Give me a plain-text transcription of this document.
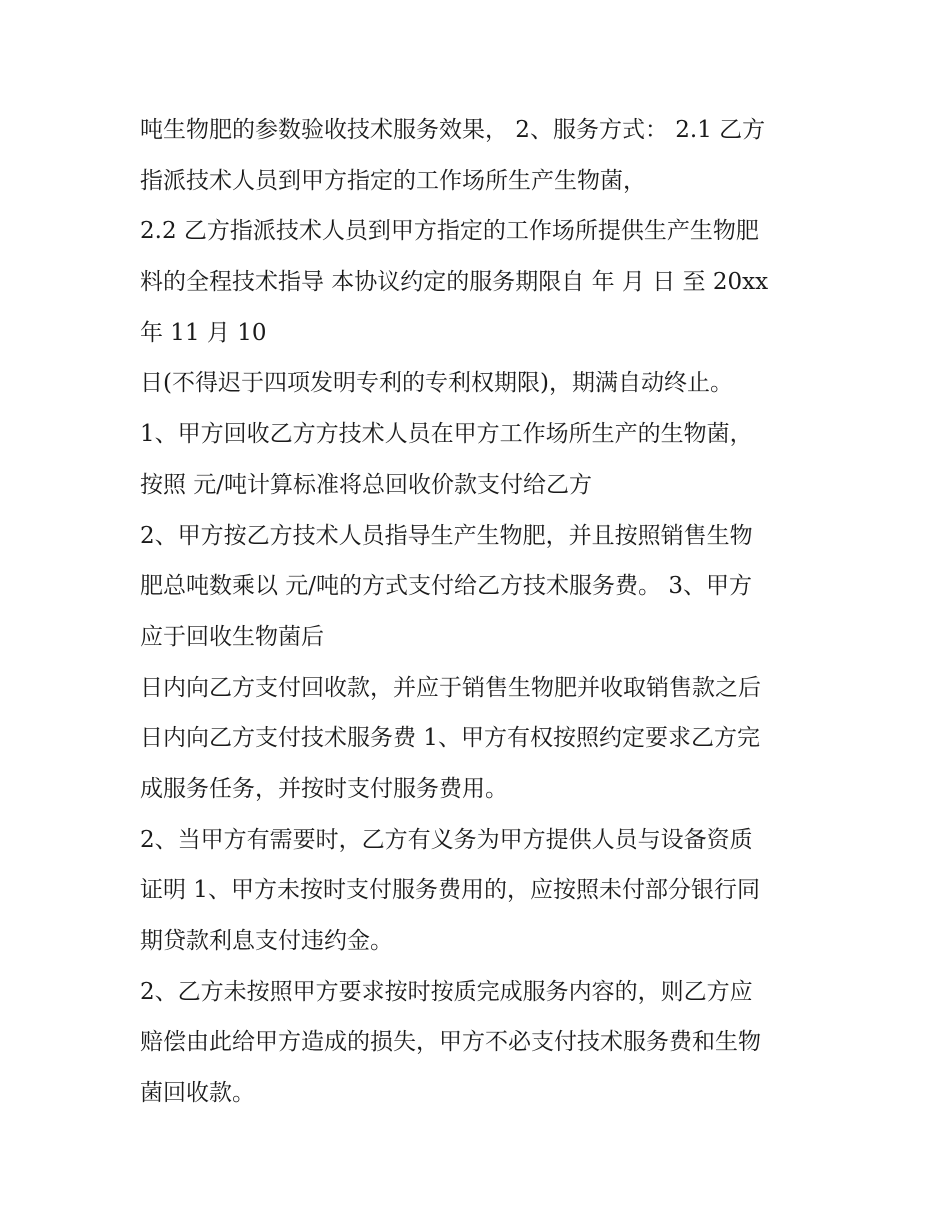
吨生物肥的参数验收技术服务效果， 2、服务方式： 2.1 乙方
指派技术人员到甲方指定的工作场所生产生物菌，
2.2 乙方指派技术人员到甲方指定的工作场所提供生产生物肥
料的全程技术指导 本协议约定的服务期限自 年 月 日 至 20xx
年 11 月 10
日(不得迟于四项发明专利的专利权期限)，期满自动终止。
1、甲方回收乙方方技术人员在甲方工作场所生产的生物菌，
按照 元/吨计算标准将总回收价款支付给乙方
2、甲方按乙方技术人员指导生产生物肥，并且按照销售生物
肥总吨数乘以 元/吨的方式支付给乙方技术服务费。 3、甲方
应于回收生物菌后
日内向乙方支付回收款，并应于销售生物肥并收取销售款之后
日内向乙方支付技术服务费 1、甲方有权按照约定要求乙方完
成服务任务，并按时支付服务费用。
2、当甲方有需要时，乙方有义务为甲方提供人员与设备资质
证明 1、甲方未按时支付服务费用的，应按照未付部分银行同
期贷款利息支付违约金。
2、乙方未按照甲方要求按时按质完成服务内容的，则乙方应
赔偿由此给甲方造成的损失，甲方不必支付技术服务费和生物
菌回收款。
